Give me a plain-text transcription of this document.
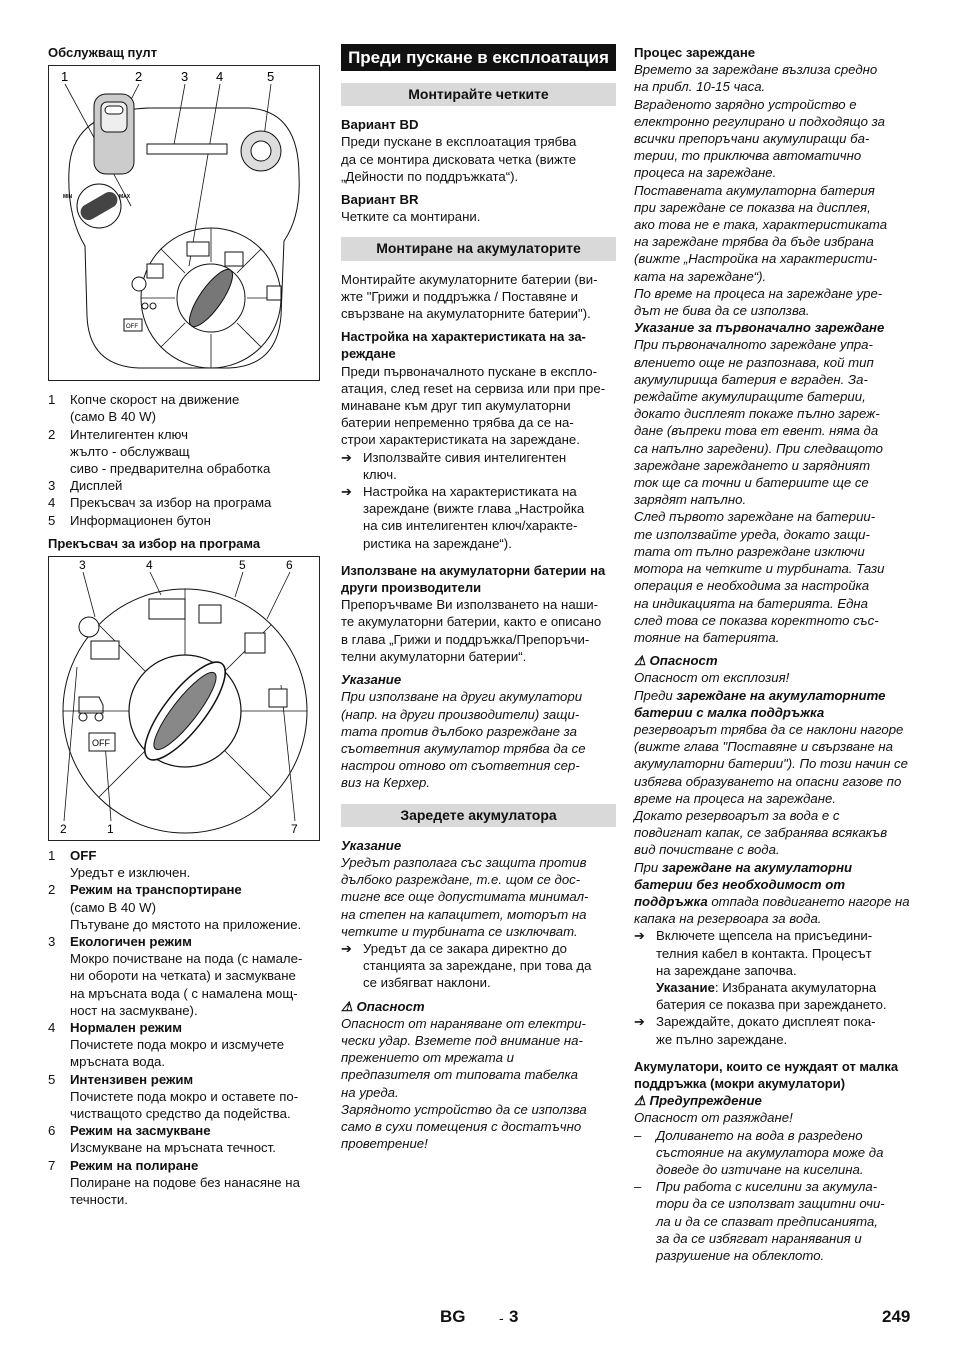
Обслужващ пулт

1	2	3 4	5
MIN	MAX
OFF
1	Копче скорост на движение

(само B 40 W)

2	Интелигентен ключ

жълто - обслужващ

сиво - предварителна обработка

3	Дисплей

4	Прекъсвач за избор на програма

5	Информационен бутон

Прекъсвач за избор на програма

3	4	5	6
2	1	7
OFF
1	OFF

Уредът е изключен.

2	Режим на транспортиране

(само B 40 W)

Пътуване до мястото на приложение.

3	Екологичен режим

Мокро почистване на пода (с намале-

ни обороти на четката) и засмукване

на мръсната вода ( с намалена мощ-

ност на засмукване).

4	Нормален режим

Почистете пода мокро и изсмучете

мръсната вода.

5	Интензивен режим

Почистете пода мокро и оставете по-

чистващото средство да подейства.

6	Режим на засмукване

Изсмукване на мръсната течност.

7	Режим на полиране

Полиране на подове без нанасяне на

течности.

Преди пускане в експлоатация
Монтирайте четките

Вариант BD

Преди пускане в експлоатация трябва

да се монтира дисковата четка (вижте

„Дейности по поддръжката“).

Вариант BR

Четките са монтирани.

Монтиране на акумулаторите

Монтирайте акумулаторните батерии (ви-

жте "Грижи и поддръжка / Поставяне и

свързване на акумулаторните батерии").

Настройка на характеристиката на за-реждане

Преди първоначалното пускане в експло-

атация, след reset на сервиза или при пре-

минаване към друг тип акумулаторни

батерии непременно трябва да се на-

строи характеристиката на зареждане.

➔ Използвайте сивия интелигентен

ключ.

➔ Настройка на характеристиката на

зареждане (вижте глава „Настройка

на сив интелигентен ключ/характе-

ристика на зареждане“).

Използване на акумулаторни батерии на други производители

Препоръчваме Ви използването на наши-

те акумулаторни батерии, както е описано

в глава „Грижи и поддръжка/Препоръчи-

телни акумулаторни батерии“.

Указание

При използване на други акумулатори

(напр. на други производители) защи-

тата против дълбоко разреждане за

съответния акумулатор трябва да се

настрои отново от съответния сер-

виз на Керхер.

Заредете акумулатора

Указание

Уредът разполага със защита против

дълбоко разреждане, т.е. щом се дос-

тигне все още допустимата минимал-

на степен на капацитет, моторът на

четките и турбината се изключват.

➔ Уредът да се закара директно до

станцията за зареждане, при това да

се избягват наклони.

⚠ Опасност

Опасност от нараняване от електри-

чески удар. Вземете под внимание на-

прежението от мрежата и

предпазителя от типовата табелка

на уреда.

Зарядното устройство да се използва

само в сухи помещения с достатъчно

проветрение!

Процес зареждане

Времето за зареждане възлиза средно

на прибл. 10-15 часа.

Вграденото зарядно устройство е

електронно регулирано и подходящо за

всички препоръчани акумулиращи ба-

терии, то приключва автоматично

процеса на зареждане.

Поставената акумулаторна батерия

при зареждане се показва на дисплея,

ако това не е така, характеристиката

на зареждане трябва да бъде избрана

(вижте „Настройка на характеристи-

ката на зареждане“).

По време на процеса на зареждане уре-

дът не бива да се използва.

Указание за първоначално зареждане

При първоначалното зареждане упра-

влението още не разпознава, кой тип

акумулирища батерия е вграден. За-

реждайте акумулиращите батерии,

докато дисплеят покаже пълно зареж-

дане (въпреки това ет евент. няма да

са напълно заредени). При следващото

зареждане зареждането и зарядният

ток ще са точни и батериите ще се

зарядят напълно.

След първото зареждане на батерии-

те използвайте уреда, докато защи-

тата от пълно разреждане изключи

мотора на четките и турбината. Тази

операция е необходима за настройка

на индикацията на батерията. Една

след това се показва коректното със-

тояние на батерията.

⚠ Опасност

Опасност от експлозия!

Преди зареждане на акумулаторните батерии с малка поддръжка резервоарът трябва да се наклони нагоре (вижте глава "Поставяне и свързване на акумулаторни батерии"). По този начин се избягва образуването на опасни газове по време на процеса на зареждане.

Докато резервоарът за вода е с повдигнат капак, се забранява всякакъв вид почистване с вода.

При зареждане на акумулаторни батерии без необходимост от поддръжка отпада повдигането нагоре на капака на резервоара за вода.

➔ Включете щепсела на присъедини-

телния кабел в контакта. Процесът

на зареждане започва.

Указание: Избраната акумулаторна

батерия се показва при зареждането.

➔ Зареждайте, докато дисплеят пока-

же пълно зареждане.

Акумулатори, които се нуждаят от малка поддръжка (мокри акумулатори)

⚠ Предупреждение

Опасност от разяждане!

–	Доливането на вода в разредено

състояние на акумулатора може да

доведе до изтичане на киселина.

–	При работа с киселини за акумула-

тори да се използват защитни очи-

ла и да се спазват предписанията,

за да се избягват наранявания и

разрушение на облеклото.

BG - 3	249
